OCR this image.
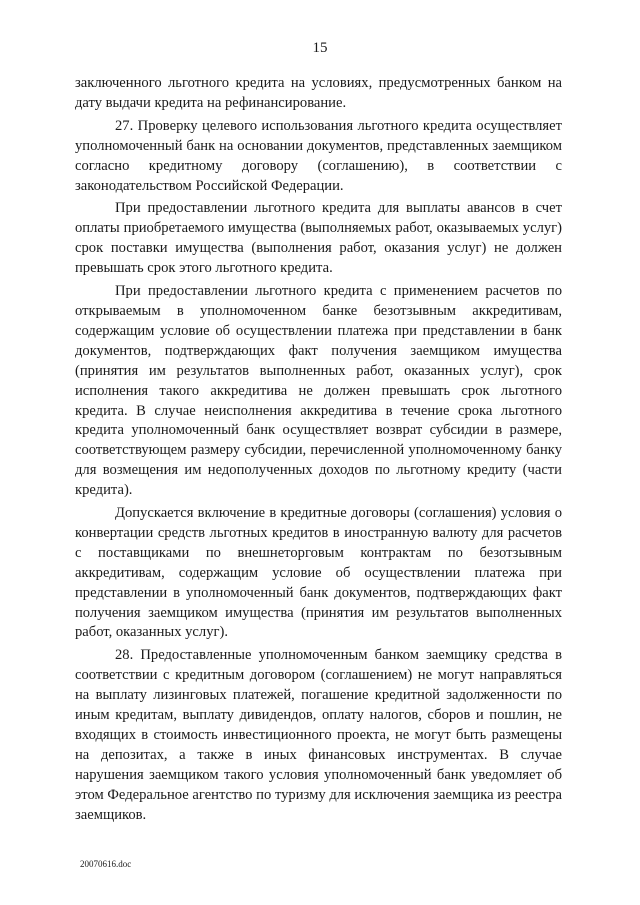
15

заключенного льготного кредита на условиях, предусмотренных банком на дату выдачи кредита на рефинансирование.

27. Проверку целевого использования льготного кредита осуществляет уполномоченный банк на основании документов, представленных заемщиком согласно кредитному договору (соглашению), в соответствии с законодательством Российской Федерации.

При предоставлении льготного кредита для выплаты авансов в счет оплаты приобретаемого имущества (выполняемых работ, оказываемых услуг) срок поставки имущества (выполнения работ, оказания услуг) не должен превышать срок этого льготного кредита.

При предоставлении льготного кредита с применением расчетов по открываемым в уполномоченном банке безотзывным аккредитивам, содержащим условие об осуществлении платежа при представлении в банк документов, подтверждающих факт получения заемщиком имущества (принятия им результатов выполненных работ, оказанных услуг), срок исполнения такого аккредитива не должен превышать срок льготного кредита. В случае неисполнения аккредитива в течение срока льготного кредита уполномоченный банк осуществляет возврат субсидии в размере, соответствующем размеру субсидии, перечисленной уполномоченному банку для возмещения им недополученных доходов по льготному кредиту (части кредита).

Допускается включение в кредитные договоры (соглашения) условия о конвертации средств льготных кредитов в иностранную валюту для расчетов с поставщиками по внешнеторговым контрактам по безотзывным аккредитивам, содержащим условие об осуществлении платежа при представлении в уполномоченный банк документов, подтверждающих факт получения заемщиком имущества (принятия им результатов выполненных работ, оказанных услуг).

28. Предоставленные уполномоченным банком заемщику средства в соответствии с кредитным договором (соглашением) не могут направляться на выплату лизинговых платежей, погашение кредитной задолженности по иным кредитам, выплату дивидендов, оплату налогов, сборов и пошлин, не входящих в стоимость инвестиционного проекта, не могут быть размещены на депозитах, а также в иных финансовых инструментах. В случае нарушения заемщиком такого условия уполномоченный банк уведомляет об этом Федеральное агентство по туризму для исключения заемщика из реестра заемщиков.

20070616.doc
